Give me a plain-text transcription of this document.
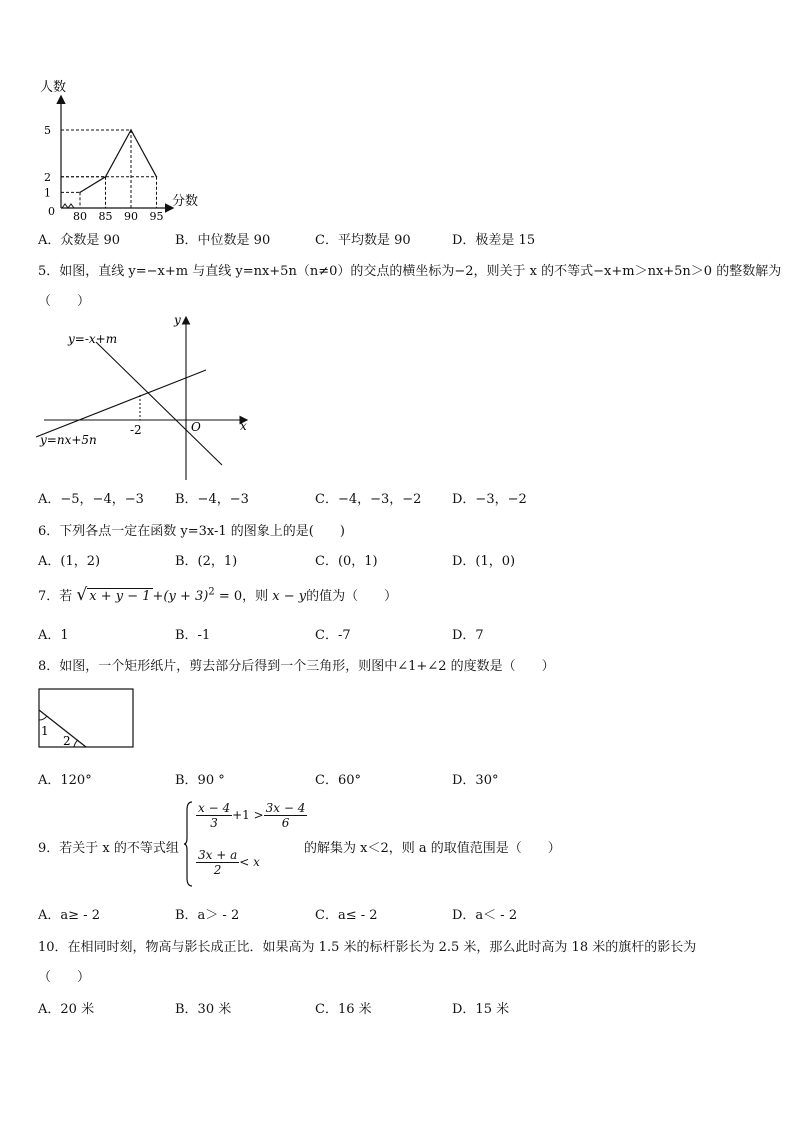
人数
分数
0 80 85 90 95
1
2
5
A．众数是 90	B．中位数是 90	C．平均数是 90	D．极差是 15
5．如图，直线 y=−x+m 与直线 y=nx+5n（n≠0）的交点的横坐标为−2，则关于 x 的不等式−x+m＞nx+5n＞0 的整数解为
（　　）
x
y
O
-2
y=-x+m
y=nx+5n
A．−5，−4，−3 B．−4，−3	C．−4，−3，−2 D．−3，−2
6．下列各点一定在函数 y=3x-1 的图象上的是(　　)
A．(1，2)	B．(2，1)	C．(0，1)	D．(1，0)
7．若 √ $x + y - 1 +(y + 3)^2 = 0$，则 x − y的值为（　　）
A．1	B．-1	C．-7	D．7
8．如图，一个矩形纸片，剪去部分后得到一个三角形，则图中∠1+∠2 的度数是（　　）
1
2
A．120°	B．90 °	C．60°	D．30°
9．若关于 x 的不等式组
$\frac{x - 4}{3} +1 > \frac{3x - 4}{6}$
$\frac{3x + a}{2} < x$
的解集为 x＜2，则 a 的取值范围是（　　）
A．a≥ - 2	B．a＞ - 2	C．a≤ - 2	D．a＜ - 2
10．在相同时刻，物高与影长成正比．如果高为 1.5 米的标杆影长为 2.5 米，那么此时高为 18 米的旗杆的影长为
（　　）
A．20 米	B．30 米	C．16 米	D．15 米
